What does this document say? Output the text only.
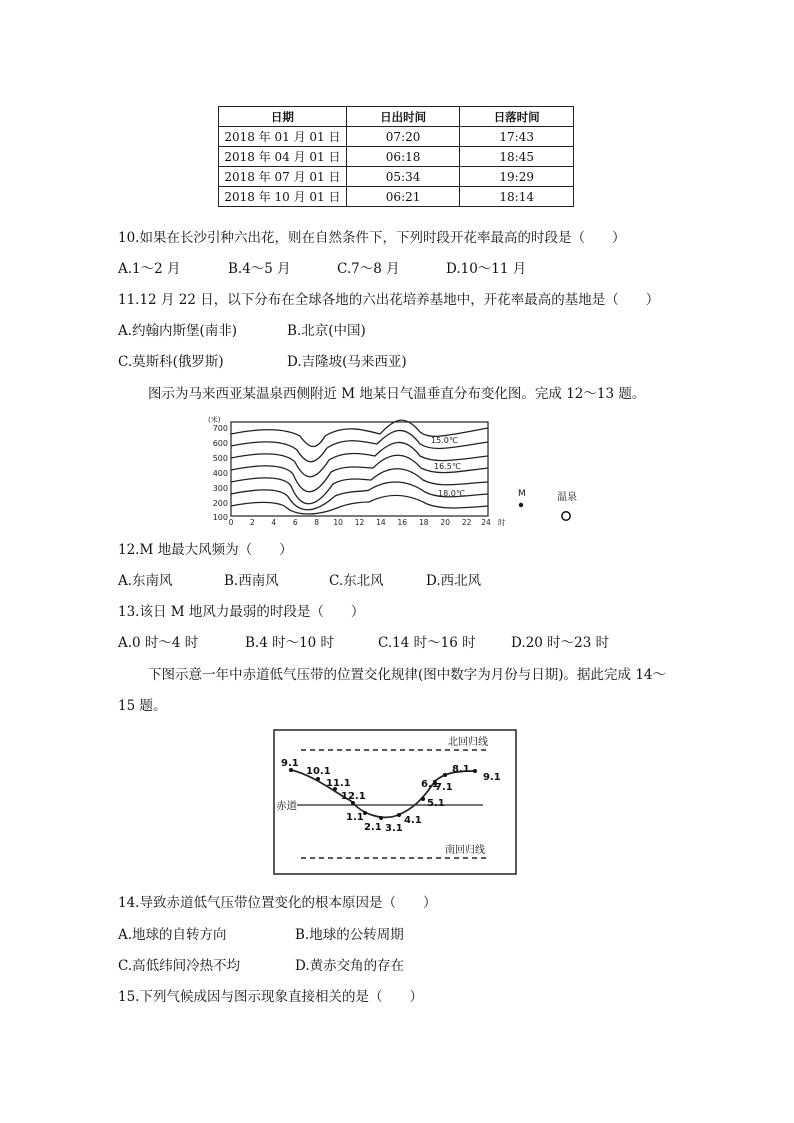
日期	日出时间	日落时间
2018 年 01 月 01 日	07:20	17:43
2018 年 04 月 01 日	06:18	18:45
2018 年 07 月 01 日	05:34	19:29
2018 年 10 月 01 日	06:21	18:14
10.如果在长沙引种六出花，则在自然条件下，下列时段开花率最高的时段是（　　）
A.1～2 月	B.4～5 月	C.7～8 月	D.10～11 月
11.12 月 22 日，以下分布在全球各地的六出花培养基地中，开花率最高的基地是（　　）
A.约翰内斯堡(南非)	B.北京(中国)
C.莫斯科(俄罗斯)	D.吉隆坡(马来西亚)
图示为马来西亚某温泉西侧附近 M 地某日气温垂直分布变化图。完成 12～13 题。
(米)
700
600
500
400
300
200
100
15.0℃
16.5℃
18.0℃
0 2 4 6 8 10 12 14 16 18 20 22 24 时
M	温泉
12.M 地最大风频为（　　）
A.东南风	B.西南风	C.东北风	D.西北风
13.该日 M 地风力最弱的时段是（　　）
A.0 时～4 时	B.4 时～10 时	C.14 时～16 时	D.20 时～23 时
下图示意一年中赤道低气压带的位置交化规律(图中数字为月份与日期)。据此完成 14～
15 题。
北回归线
南回归线
赤道
9.1
10.1
11.1
12.1
1.1
2.1 3.1
4.1
5.1
6.1
7.1
8.1
9.1
14.导致赤道低气压带位置变化的根本原因是（　　）
A.地球的自转方向	B.地球的公转周期
C.高低纬间冷热不均	D.黄赤交角的存在
15.下列气候成因与图示现象直接相关的是（　　）
